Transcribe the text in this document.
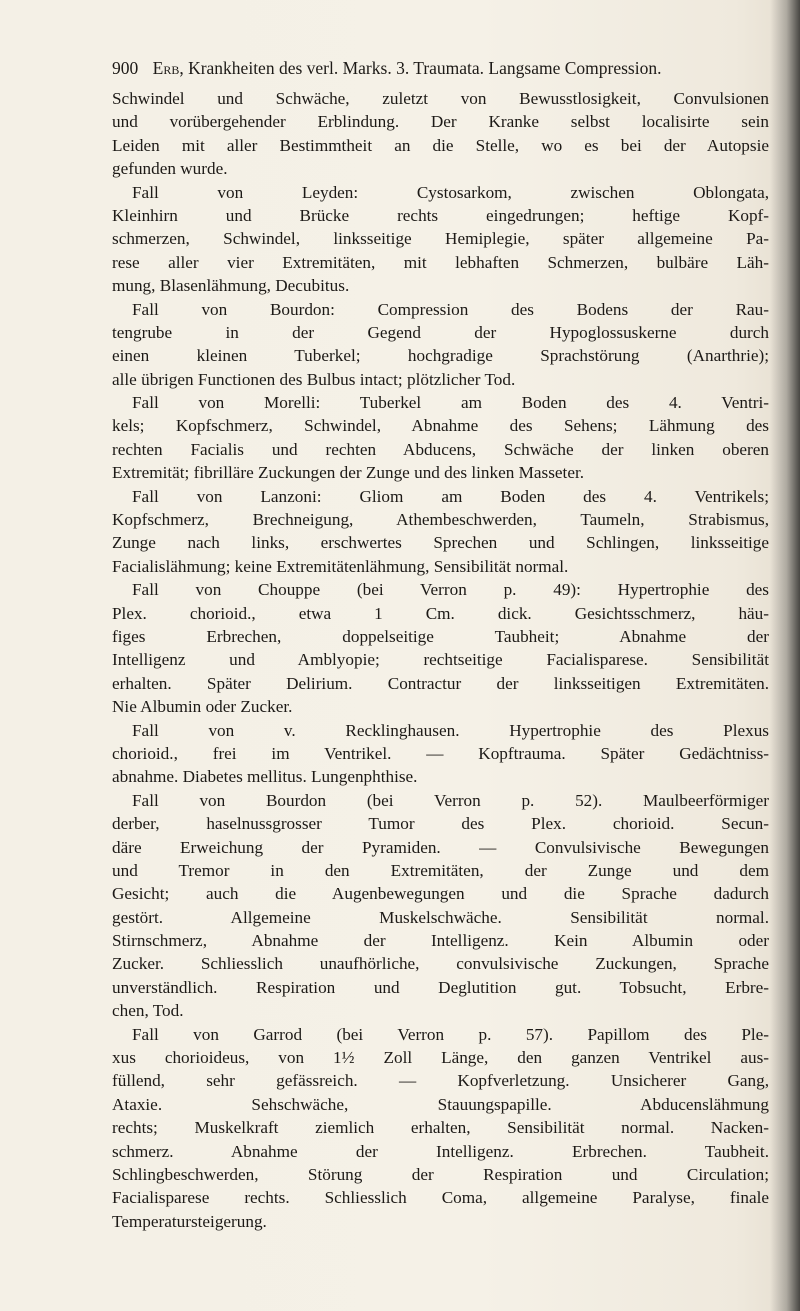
900 Erb, Krankheiten des verl. Marks. 3. Traumata. Langsame Compression.
Schwindel und Schwäche, zuletzt von Bewusstlosigkeit, Convulsionen
und vorübergehender Erblindung. Der Kranke selbst localisirte sein
Leiden mit aller Bestimmtheit an die Stelle, wo es bei der Autopsie
gefunden wurde.
Fall von Leyden: Cystosarkom, zwischen Oblongata,
Kleinhirn und Brücke rechts eingedrungen; heftige Kopf-
schmerzen, Schwindel, linksseitige Hemiplegie, später allgemeine Pa-
rese aller vier Extremitäten, mit lebhaften Schmerzen, bulbäre Läh-
mung, Blasenlähmung, Decubitus.
Fall von Bourdon: Compression des Bodens der Rau-
tengrube in der Gegend der Hypoglossuskerne durch
einen kleinen Tuberkel; hochgradige Sprachstörung (Anarthrie);
alle übrigen Functionen des Bulbus intact; plötzlicher Tod.
Fall von Morelli: Tuberkel am Boden des 4. Ventri-
kels; Kopfschmerz, Schwindel, Abnahme des Sehens; Lähmung des
rechten Facialis und rechten Abducens, Schwäche der linken oberen
Extremität; fibrilläre Zuckungen der Zunge und des linken Masseter.
Fall von Lanzoni: Gliom am Boden des 4. Ventrikels;
Kopfschmerz, Brechneigung, Athembeschwerden, Taumeln, Strabismus,
Zunge nach links, erschwertes Sprechen und Schlingen, linksseitige
Facialislähmung; keine Extremitätenlähmung, Sensibilität normal.
Fall von Chouppe (bei Verron p. 49): Hypertrophie des
Plex. chorioid., etwa 1 Cm. dick. Gesichtsschmerz, häu-
figes Erbrechen, doppelseitige Taubheit; Abnahme der
Intelligenz und Amblyopie; rechtseitige Facialisparese. Sensibilität
erhalten. Später Delirium. Contractur der linksseitigen Extremitäten.
Nie Albumin oder Zucker.
Fall von v. Recklinghausen. Hypertrophie des Plexus
chorioid., frei im Ventrikel. — Kopftrauma. Später Gedächtniss-
abnahme. Diabetes mellitus. Lungenphthise.
Fall von Bourdon (bei Verron p. 52). Maulbeerförmiger
derber, haselnussgrosser Tumor des Plex. chorioid. Secun-
däre Erweichung der Pyramiden. — Convulsivische Bewegungen
und Tremor in den Extremitäten, der Zunge und dem
Gesicht; auch die Augenbewegungen und die Sprache dadurch
gestört. Allgemeine Muskelschwäche. Sensibilität normal.
Stirnschmerz, Abnahme der Intelligenz. Kein Albumin oder
Zucker. Schliesslich unaufhörliche, convulsivische Zuckungen, Sprache
unverständlich. Respiration und Deglutition gut. Tobsucht, Erbre-
chen, Tod.
Fall von Garrod (bei Verron p. 57). Papillom des Ple-
xus chorioideus, von 1½ Zoll Länge, den ganzen Ventrikel aus-
füllend, sehr gefässreich. — Kopfverletzung. Unsicherer Gang,
Ataxie. Sehschwäche, Stauungspapille. Abducenslähmung
rechts; Muskelkraft ziemlich erhalten, Sensibilität normal. Nacken-
schmerz. Abnahme der Intelligenz. Erbrechen. Taubheit.
Schlingbeschwerden, Störung der Respiration und Circulation;
Facialisparese rechts. Schliesslich Coma, allgemeine Paralyse, finale
Temperatursteigerung.
